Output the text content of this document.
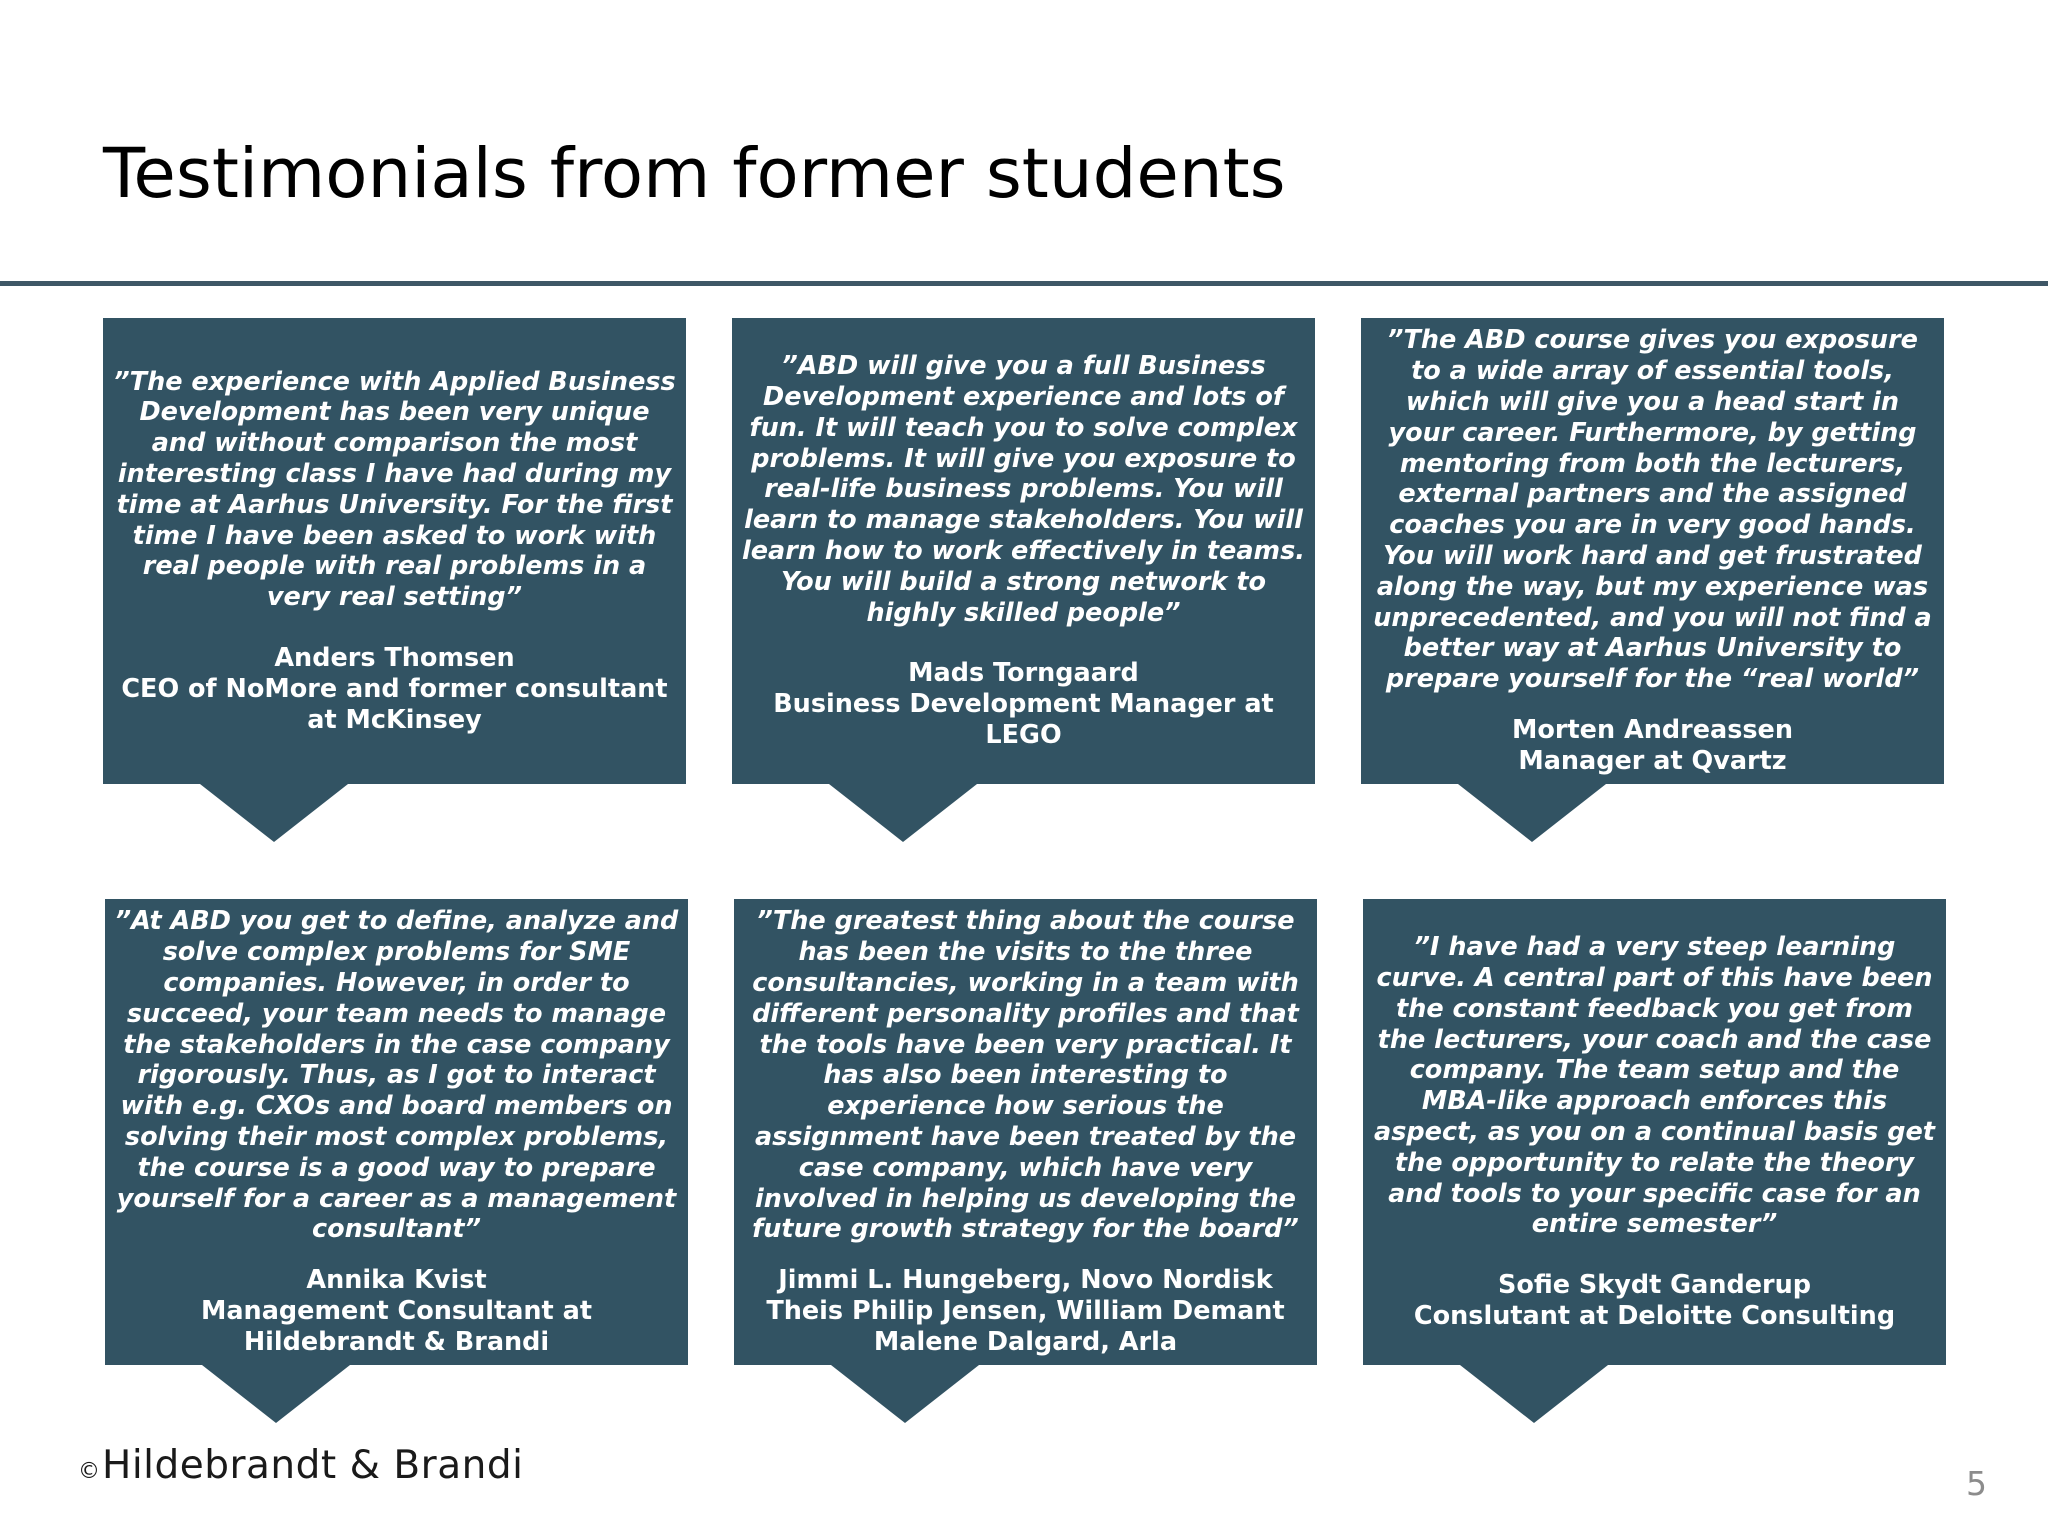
Testimonials from former students

”The experience with Applied Business
Development has been very unique
and without comparison the most
interesting class I have had during my
time at Aarhus University. For the first
time I have been asked to work with
real people with real problems in a
very real setting”

Anders Thomsen
CEO of NoMore and former consultant
at McKinsey

”ABD will give you a full Business
Development experience and lots of
fun. It will teach you to solve complex
problems. It will give you exposure to
real-life business problems. You will
learn to manage stakeholders. You will
learn how to work effectively in teams.
You will build a strong network to
highly skilled people”

Mads Torngaard
Business Development Manager at
LEGO

”The ABD course gives you exposure
to a wide array of essential tools,
which will give you a head start in
your career. Furthermore, by getting
mentoring from both the lecturers,
external partners and the assigned
coaches you are in very good hands.
You will work hard and get frustrated
along the way, but my experience was
unprecedented, and you will not find a
better way at Aarhus University to
prepare yourself for the “real world”

Morten Andreassen
Manager at Qvartz

”At ABD you get to define, analyze and
solve complex problems for SME
companies. However, in order to
succeed, your team needs to manage
the stakeholders in the case company
rigorously. Thus, as I got to interact
with e.g. CXOs and board members on
solving their most complex problems,
the course is a good way to prepare
yourself for a career as a management
consultant”

Annika Kvist
Management Consultant at
Hildebrandt & Brandi

”The greatest thing about the course
has been the visits to the three
consultancies, working in a team with
different personality profiles and that
the tools have been very practical. It
has also been interesting to
experience how serious the
assignment have been treated by the
case company, which have very
involved in helping us developing the
future growth strategy for the board”

Jimmi L. Hungeberg, Novo Nordisk
Theis Philip Jensen, William Demant
Malene Dalgard, Arla

”I have had a very steep learning
curve. A central part of this have been
the constant feedback you get from
the lecturers, your coach and the case
company. The team setup and the
MBA-like approach enforces this
aspect, as you on a continual basis get
the opportunity to relate the theory
and tools to your specific case for an
entire semester”

Sofie Skydt Ganderup
Conslutant at Deloitte Consulting

© Hildebrandt & Brandi	5
